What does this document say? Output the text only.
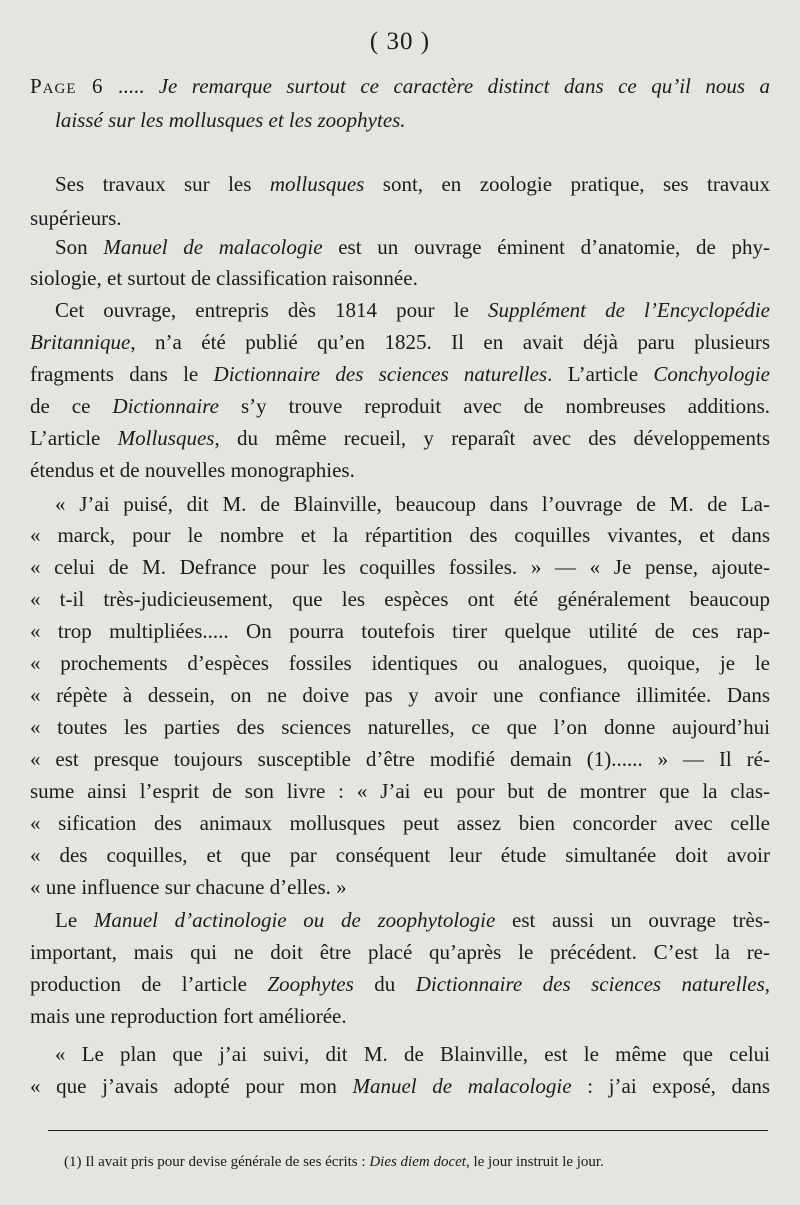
( 30 )
Page 6 ..... Je remarque surtout ce caractère distinct dans ce qu’il nous a
laissé sur les mollusques et les zoophytes.
Ses travaux sur les mollusques sont, en zoologie pratique, ses travaux
supérieurs.
Son Manuel de malacologie est un ouvrage éminent d’anatomie, de phy-
siologie, et surtout de classification raisonnée.
Cet ouvrage, entrepris dès 1814 pour le Supplément de l’Encyclopédie
Britannique, n’a été publié qu’en 1825. Il en avait déjà paru plusieurs
fragments dans le Dictionnaire des sciences naturelles. L’article Conchyologie
de ce Dictionnaire s’y trouve reproduit avec de nombreuses additions.
L’article Mollusques, du même recueil, y reparaît avec des développements
étendus et de nouvelles monographies.
« J’ai puisé, dit M. de Blainville, beaucoup dans l’ouvrage de M. de La-
« marck, pour le nombre et la répartition des coquilles vivantes, et dans
« celui de M. Defrance pour les coquilles fossiles. » — « Je pense, ajoute-
« t-il très-judicieusement, que les espèces ont été généralement beaucoup
« trop multipliées..... On pourra toutefois tirer quelque utilité de ces rap-
« prochements d’espèces fossiles identiques ou analogues, quoique, je le
« répète à dessein, on ne doive pas y avoir une confiance illimitée. Dans
« toutes les parties des sciences naturelles, ce que l’on donne aujourd’hui
« est presque toujours susceptible d’être modifié demain (1)...... » — Il ré-
sume ainsi l’esprit de son livre : « J’ai eu pour but de montrer que la clas-
« sification des animaux mollusques peut assez bien concorder avec celle
« des coquilles, et que par conséquent leur étude simultanée doit avoir
« une influence sur chacune d’elles. »
Le Manuel d’actinologie ou de zoophytologie est aussi un ouvrage très-
important, mais qui ne doit être placé qu’après le précédent. C’est la re-
production de l’article Zoophytes du Dictionnaire des sciences naturelles,
mais une reproduction fort améliorée.
« Le plan que j’ai suivi, dit M. de Blainville, est le même que celui
« que j’avais adopté pour mon Manuel de malacologie : j’ai exposé, dans
(1) Il avait pris pour devise générale de ses écrits : Dies diem docet, le jour instruit le jour.
